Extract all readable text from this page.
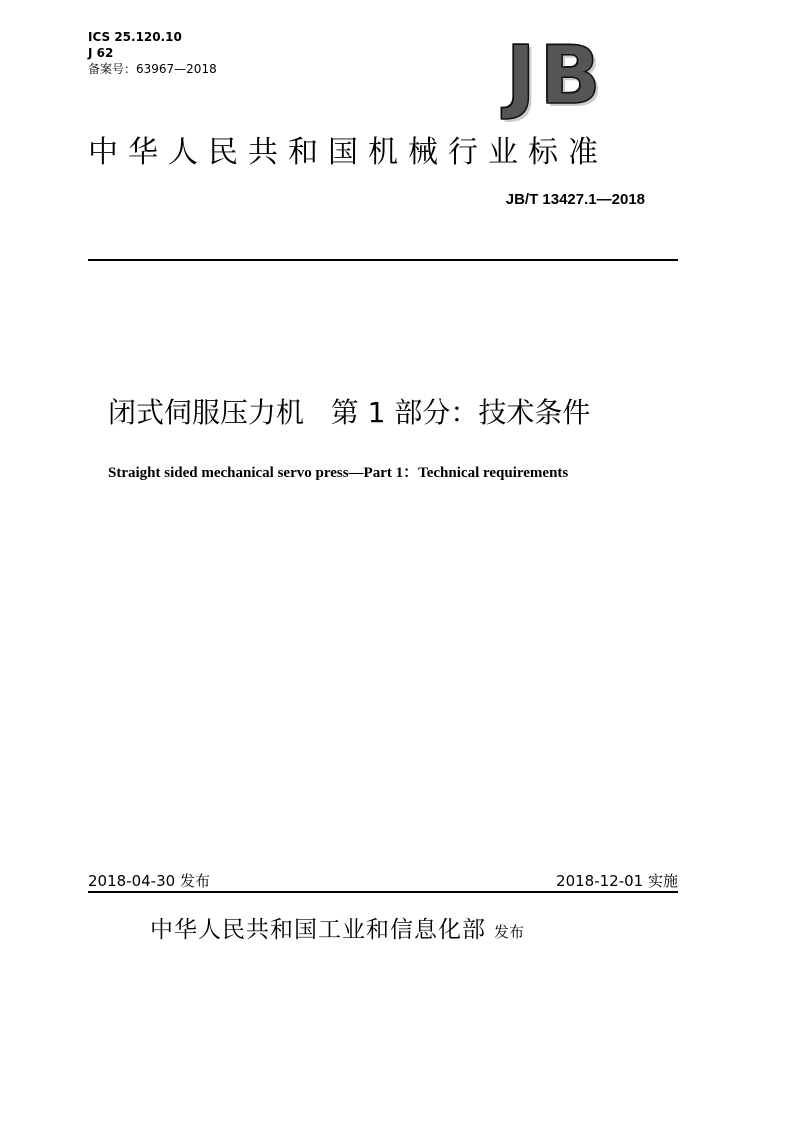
ICS 25.120.10
J 62
备案号：63967—2018	JB
中华人民共和国机械行业标准
JB/T 13427.1—2018
闭式伺服压力机   第 1 部分：技术条件
Straight sided mechanical servo press—Part 1：Technical requirements
2018-04-30 发布	2018-12-01 实施
中华人民共和国工业和信息化部 发布
